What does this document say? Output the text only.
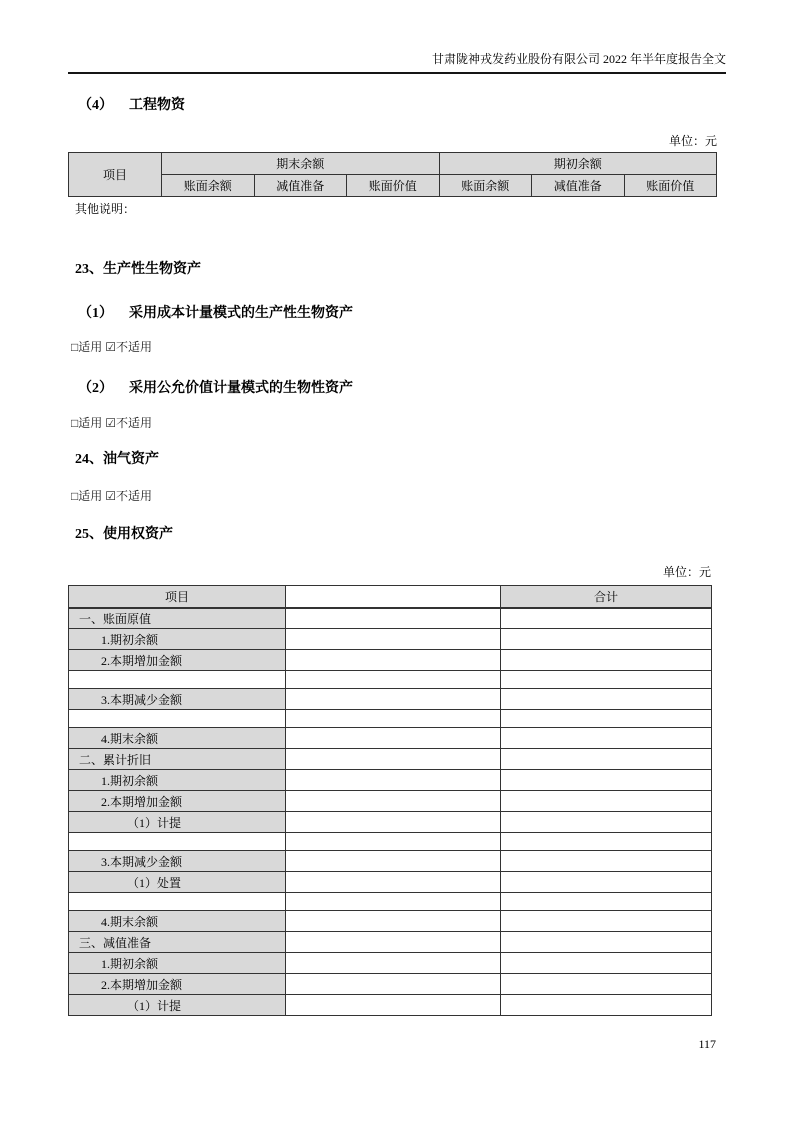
甘肃陇神戎发药业股份有限公司 2022 年半年度报告全文
（4） 工程物资
单位：元
项目	期末余额			期初余额		
	账面余额	减值准备	账面价值	账面余额	减值准备	账面价值
其他说明：
23、生产性生物资产
（1） 采用成本计量模式的生产性生物资产
□适用 ☑不适用
（2） 采用公允价值计量模式的生物性资产
□适用 ☑不适用
24、油气资产
□适用 ☑不适用
25、使用权资产
单位：元
项目		合计
一、账面原值		
1.期初余额		
2.本期增加金额		

3.本期减少金额		

4.期末余额		
二、累计折旧		
1.期初余额		
2.本期增加金额		
（1）计提		

3.本期减少金额		
（1）处置		

4.期末余额		
三、减值准备		
1.期初余额		
2.本期增加金额		
（1）计提		
117
